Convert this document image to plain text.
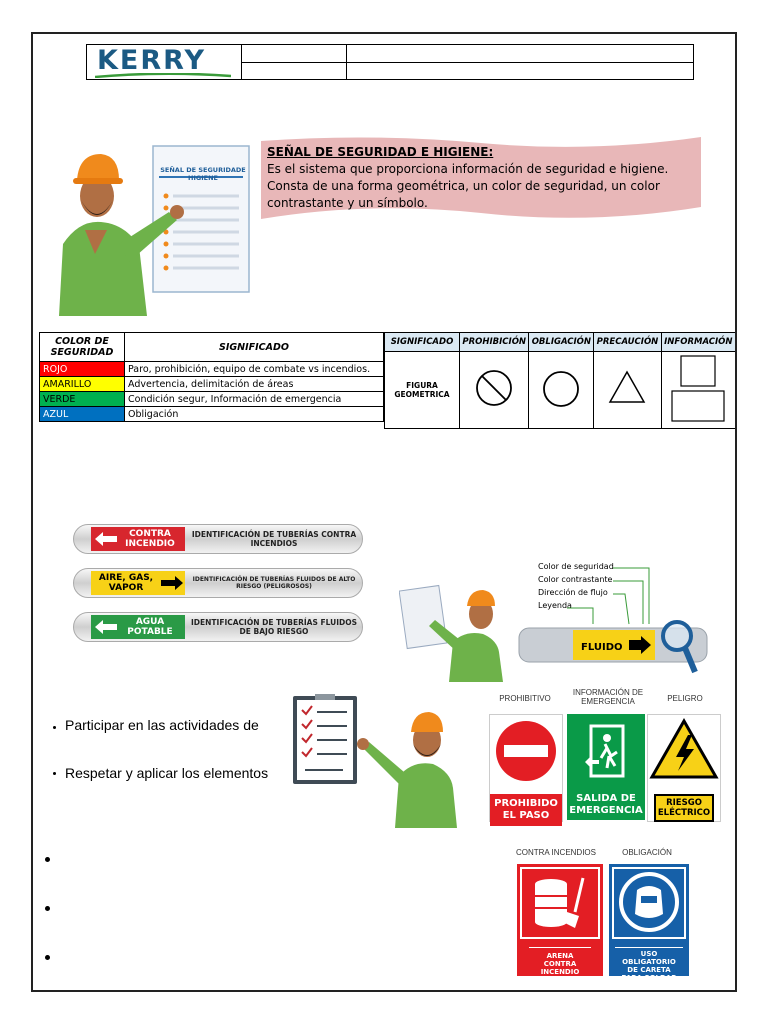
KERRY
SEÑAL DE SEGURIDADE HIGIENE
SEÑAL DE SEGURIDAD E HIGIENE:
Es el sistema que proporciona información de seguridad e higiene. Consta de una forma geométrica, un color de seguridad, un color contrastante y un símbolo.
COLOR DE SEGURIDAD	SIGNIFICADO
ROJO	Paro, prohibición, equipo de combate vs incendios.
AMARILLO	Advertencia, delimitación de áreas
VERDE	Condición segur, Información de emergencia
AZUL	Obligación
SIGNIFICADO	PROHIBICIÓN	OBLIGACIÓN	PRECAUCIÓN	INFORMACIÓN
FIGURA GEOMETRICA				
CONTRA INCENDIO
IDENTIFICACIÓN DE TUBERÍAS CONTRA INCENDIOS
AIRE, GAS, VAPOR
IDENTIFICACIÓN DE TUBERÍAS FLUIDOS DE ALTO RIESGO (PELIGROSOS)
AGUA POTABLE
IDENTIFICACIÓN DE TUBERÍAS FLUIDOS DE BAJO RIESGO
Color de seguridad
Color contrastante
Dirección de flujo
Leyenda
FLUIDO
Participar en las actividades de
Respetar y aplicar los elementos
PROHIBITIVO
INFORMACIÓN DE EMERGENCIA	PELIGRO
PROHIBIDO EL PASO
SALIDA DE EMERGENCIA
RIESGO ELÉCTRICO
CONTRA INCENDIOS	OBLIGACIÓN
ARENA CONTRA INCENDIO
USO OBLIGATORIO DE CARETA PARA SOLDAR
